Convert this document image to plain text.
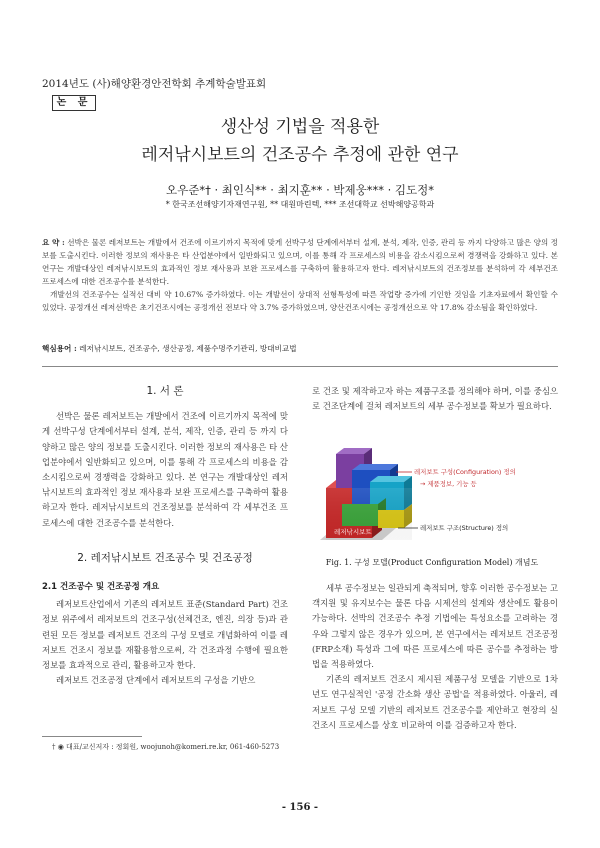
2014년도 (사)해양환경안전학회 추계학술발표회
논 문
생산성 기법을 적용한
레저낚시보트의 건조공수 추정에 관한 연구
오우준*† · 최인식** · 최지훈** · 박제웅*** · 김도정*
* 한국조선해양기자재연구원, ** 대원마린텍, *** 조선대학교 선박해양공학과

요 약 : 선박은 물론 레저보트는 개발에서 건조에 이르기까지 목적에 맞게 선박구성 단계에서부터 설계, 분석, 제작, 인증, 관리 등 까지 다양하고 많은 양의 정보를 도출시킨다. 이러한 정보의 재사용은 타 산업분야에서 일반화되고 있으며, 이를 통해 각 프로세스의 비용을 감소시킴으로써 경쟁력을 강화하고 있다. 본 연구는 개발대상인 레저낚시보트의 효과적인 정보 재사용과 보완 프로세스를 구축하여 활용하고자 한다. 레저낚시보트의 건조정보를 분석하여 각 세부건조 프로세스에 대한 건조공수를 분석한다.

개발선의 건조공수는 실적선 대비 약 10.67% 증가하였다. 이는 개발선이 상대적 선형특성에 따른 작업량 증가에 기인한 것임을 기초자료에서 확인할 수 있었다. 공정개선 레저선박은 초기건조시에는 공정개선 전보다 약 3.7% 증가하였으며, 양산건조시에는 공정개선으로 약 17.8% 감소됨을 확인하였다.

핵심용어 : 레저낚시보트, 건조공수, 생산공정, 제품수명주기관리, 방대비교법
1. 서 론

선박은 물론 레저보트는 개발에서 건조에 이르기까지 목적에 맞게 선박구성 단계에서부터 설계, 분석, 제작, 인증, 관리 등 까지 다양하고 많은 양의 정보를 도출시킨다. 이러한 정보의 재사용은 타 산업분야에서 일반화되고 있으며, 이를 통해 각 프로세스의 비용을 감소시킴으로써 경쟁력을 강화하고 있다. 본 연구는 개발대상인 레저낚시보트의 효과적인 정보 재사용과 보완 프로세스를 구축하여 활용하고자 한다. 레저낚시보트의 건조정보를 분석하여 각 세부건조 프로세스에 대한 건조공수를 분석한다.

2. 레저낚시보트 건조공수 및 건조공정
2.1 건조공수 및 건조공정 개요

레저보트산업에서 기존의 레저보트 표준(Standard Part) 건조정보 위주에서 레저보트의 건조구성(선체건조, 엔진, 의장 등)과 관련된 모든 정보를 레저보트 건조의 구성 모델로 개념화하여 이를 레저보트 건조시 정보를 재활용함으로써, 각 건조과정 수행에 필요한 정보를 효과적으로 관리, 활용하고자 한다.

레저보트 건조공정 단계에서 레저보트의 구성을 기반으

로 건조 및 제작하고자 하는 제품구조를 정의해야 하며, 이를 중심으로 건조단계에 걸쳐 레저보트의 세부 공수정보를 확보가 필요하다.

레저낚시보트
레저보트 구성(Configuration) 정의
→ 제품정보, 기능 등
레저보트 구조(Structure) 정의
Fig. 1. 구성 모델(Product Configuration Model) 개념도

세부 공수정보는 일관되게 축적되며, 향후 이러한 공수정보는 고객지원 및 유지보수는 물론 다음 시제선의 설계와 생산에도 활용이 가능하다. 선박의 건조공수 추정 기법에는 특성요소를 고려하는 경우와 그렇지 않은 경우가 있으며, 본 연구에서는 레저보트 건조공정(FRP소재) 특성과 그에 따른 프로세스에 따른 공수를 추정하는 방법을 적용하였다.

기존의 레저보트 건조시 제시된 제품구성 모델을 기반으로 1차년도 연구실적인 '공정 간소화 생산 공법'을 적용하였다. 아울러, 레저보트 구성 모델 기반의 레저보트 건조공수를 제안하고 현장의 실 건조시 프로세스를 상호 비교하여 이를 검증하고자 한다.

† ◉ 대표/교신저자 : 정회원, woojunoh@komeri.re.kr, 061-460-5273
- 156 -
